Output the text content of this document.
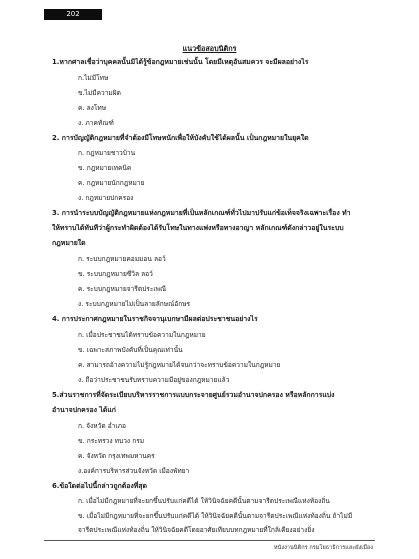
202
แนวข้อสอบนิติกร
1.หากศาลเชื่อว่าบุคคลนั้นมิได้รู้ข้อกฎหมายเช่นนั้น โดยมีเหตุอันสมควร จะมีผลอย่างไร
ก.ไม่มีโทษ
ข.ไม่มีความผิด
ค. ลงโทษ
ง. ภาคทัณฑ์
2. การบัญญัติกฎหมายที่จำต้องมีโทษหนักเพื่อให้บังคับใช้ได้ผลนั้น เป็นกฎหมายในยุคใด
ก. กฎหมายชาวบ้าน
ข. กฎหมายเทคนิค
ค. กฎหมายนักกฎหมาย
ง. กฎหมายปกครอง
3. การนำระบบบัญญัติกฎหมายแห่งกฎหมายที่เป็นหลักเกณฑ์ทั่วไปมาปรับแก่ข้อเท็จจริงเฉพาะเรื่อง ทำ
ให้ทราบได้ทันทีว่าผู้กระทำผิดต้องได้รับโทษในทางแพ่งหรือทางอาญา หลักเกณฑ์ดังกล่าวอยู่ในระบบ
กฎหมายใด
ก. ระบบกฎหมายคอมมอน ลอว์
ข. ระบบกฎหมายซีวิล ลอว์
ค. ระบบกฎหมายจารีตประเพณี
ง. ระบบกฎหมายไม่เป็นลายลักษณ์อักษร
4. การประกาศกฎหมายในราชกิจจานุเบกษามีผลต่อประชาชนอย่างไร
ก. เมื่อประชาชนได้ทราบข้อความในกฎหมาย
ข. เฉพาะสภาพบังคับที่เป็นคุณเท่านั้น
ค. สามารถอ้างความไม่รู้กฎหมายได้จนกว่าจะทราบข้อความในกฎหมาย
ง. ถือว่าประชาชนรับทราบความมีอยู่ของกฎหมายแล้ว
5.ส่วนราชการที่จัดระเบียบบริหารราชการแบบกระจายศูนย์รวมอำนาจปกครอง หรือหลักการแบ่ง
อำนาจปกครอง ได้แก่
ก. จังหวัด อำเภอ
ข. กระทรวง ทบวง กรม
ค. จังหวัด กรุงเทพมหานคร
ง.องค์การบริหารส่วนจังหวัด เมืองพัทยา
6.ข้อใดต่อไปนี้กล่าวถูกต้องที่สุด
ก. เมื่อไม่มีกฎหมายที่จะยกขึ้นปรับแก่คดีได้ ให้วินิจฉัยคดีนั้นตามจารีตประเพณีแห่งท้องถิ่น
ข. เมื่อไม่มีกฎหมายที่จะยกขึ้นปรับแก่คดีได้ ให้วินิจฉัยคดีนั้นตามจารีตประเพณีแห่งท้องถิ่น ถ้าไม่มี
จารีตประเพณีแห่งท้องถิ่น ให้วินิจฉัยคดีโดยอาศัยเทียบบทกฎหมายที่ใกล้เคียงอย่างยิ่ง
หนังงานนิติกร กรมโยธาธิการและผังเมือง
